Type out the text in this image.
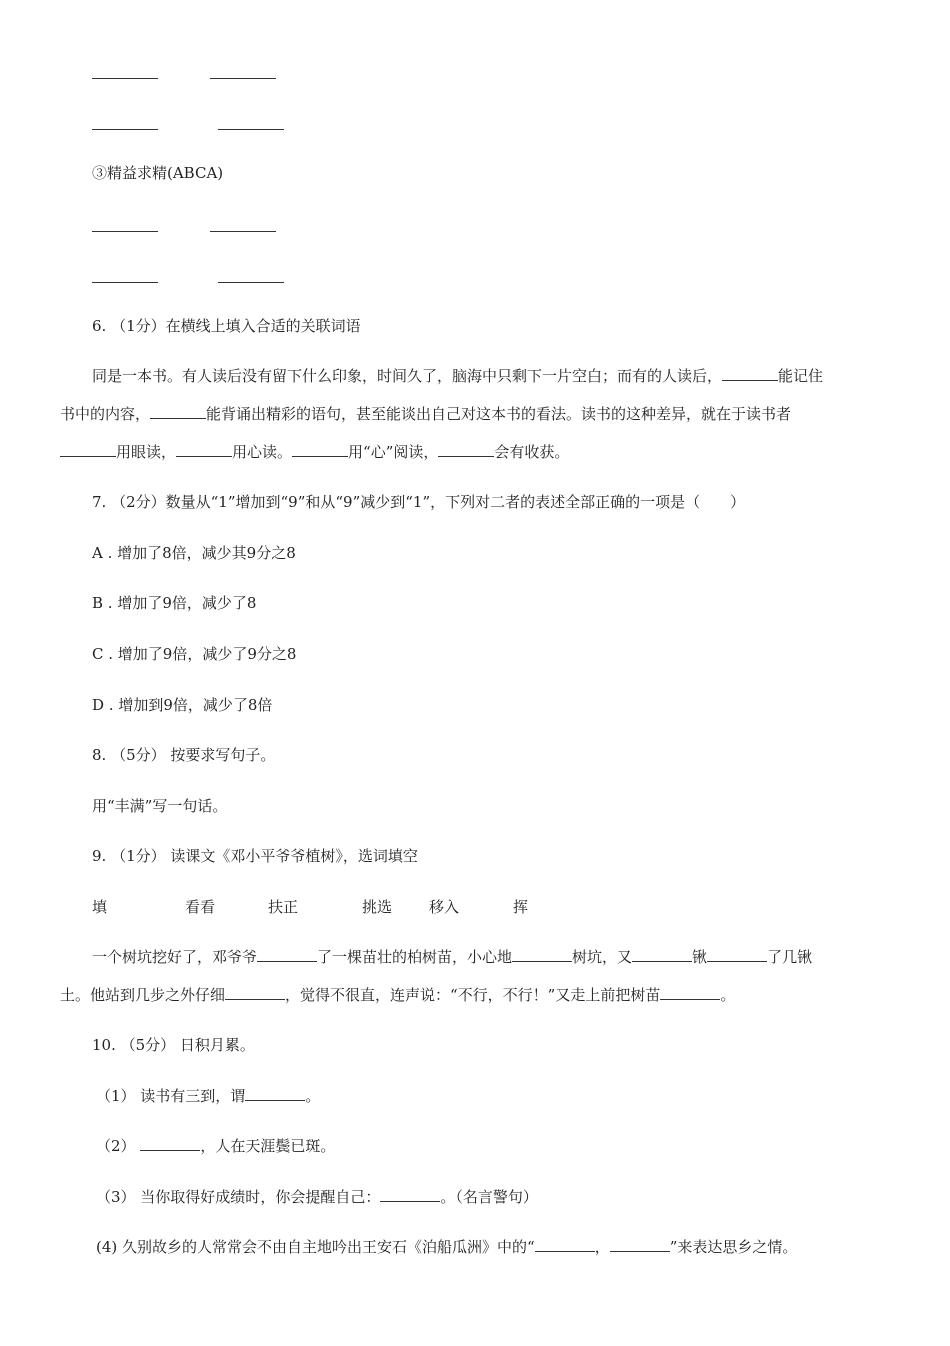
③精益求精(ABCA)
6. （1分）在横线上填入合适的关联词语
同是一本书。有人读后没有留下什么印象，时间久了，脑海中只剩下一片空白；而有的人读后，	能记住
书中的内容，	能背诵出精彩的语句，甚至能谈出自己对这本书的看法。读书的这种差异，就在于读书者
用眼读，	用心读。	用“心”阅读，	会有收获。
7. （2分）数量从“1”增加到“9”和从“9”减少到“1”，下列对二者的表述全部正确的一项是（　　）
A . 增加了8倍，减少其9分之8
B . 增加了9倍，减少了8
C . 增加了9倍，减少了9分之8
D . 增加到9倍，减少了8倍
8. （5分） 按要求写句子。
用“丰满”写一句话。
9. （1分） 读课文《邓小平爷爷植树》，选词填空
填	看看	扶正	挑选 移入	挥
一个树坑挖好了，邓爷爷	了一棵苗壮的柏树苗，小心地	树坑，又	锹	了几锹
土。他站到几步之外仔细	，觉得不很直，连声说：“不行，不行！”又走上前把树苗	。
10. （5分） 日积月累。
（1） 读书有三到，谓	。
（2）	，人在天涯鬓已斑。
（3） 当你取得好成绩时，你会提醒自己：	。（名言警句）
(4) 久别故乡的人常常会不由自主地吟出王安石《泊船瓜洲》中的“	，	”来表达思乡之情。
